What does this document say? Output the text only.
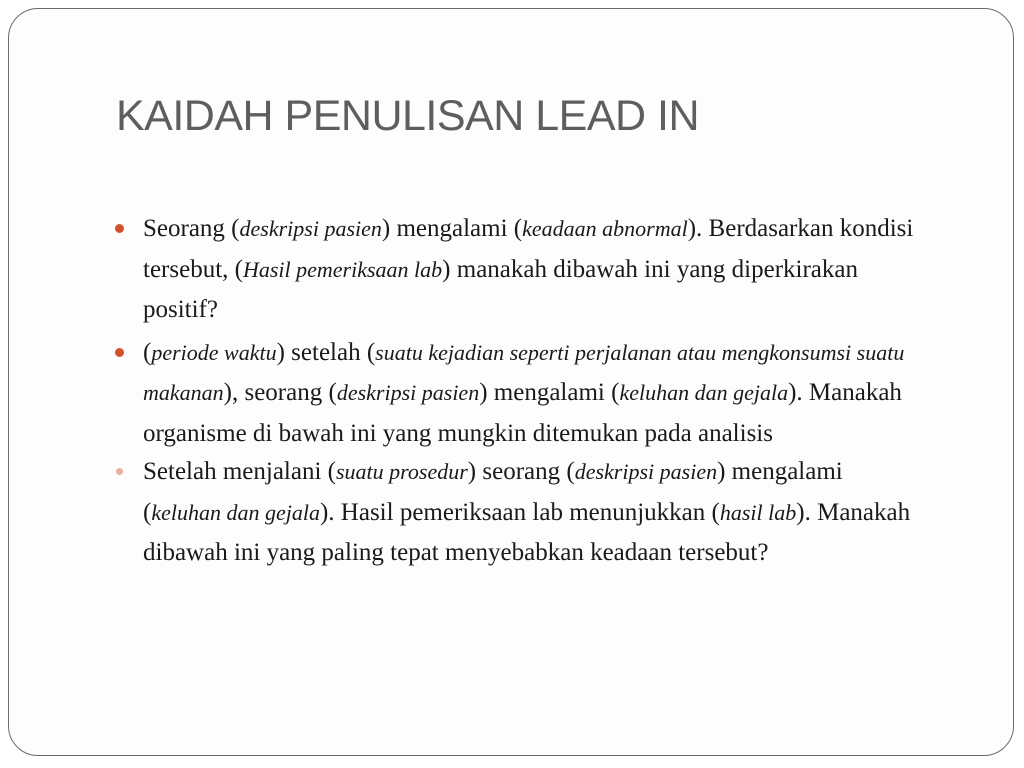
KAIDAH PENULISAN LEAD IN
Seorang (deskripsi pasien) mengalami (keadaan abnormal). Berdasarkan kondisi tersebut, (Hasil pemeriksaan lab) manakah dibawah ini yang diperkirakan positif?
(periode waktu) setelah (suatu kejadian seperti perjalanan atau mengkonsumsi suatu makanan), seorang (deskripsi pasien) mengalami (keluhan dan gejala). Manakah organisme di bawah ini yang mungkin ditemukan pada analisis
Setelah menjalani (suatu prosedur) seorang (deskripsi pasien) mengalami (keluhan dan gejala). Hasil pemeriksaan lab menunjukkan (hasil lab). Manakah dibawah ini yang paling tepat menyebabkan keadaan tersebut?
